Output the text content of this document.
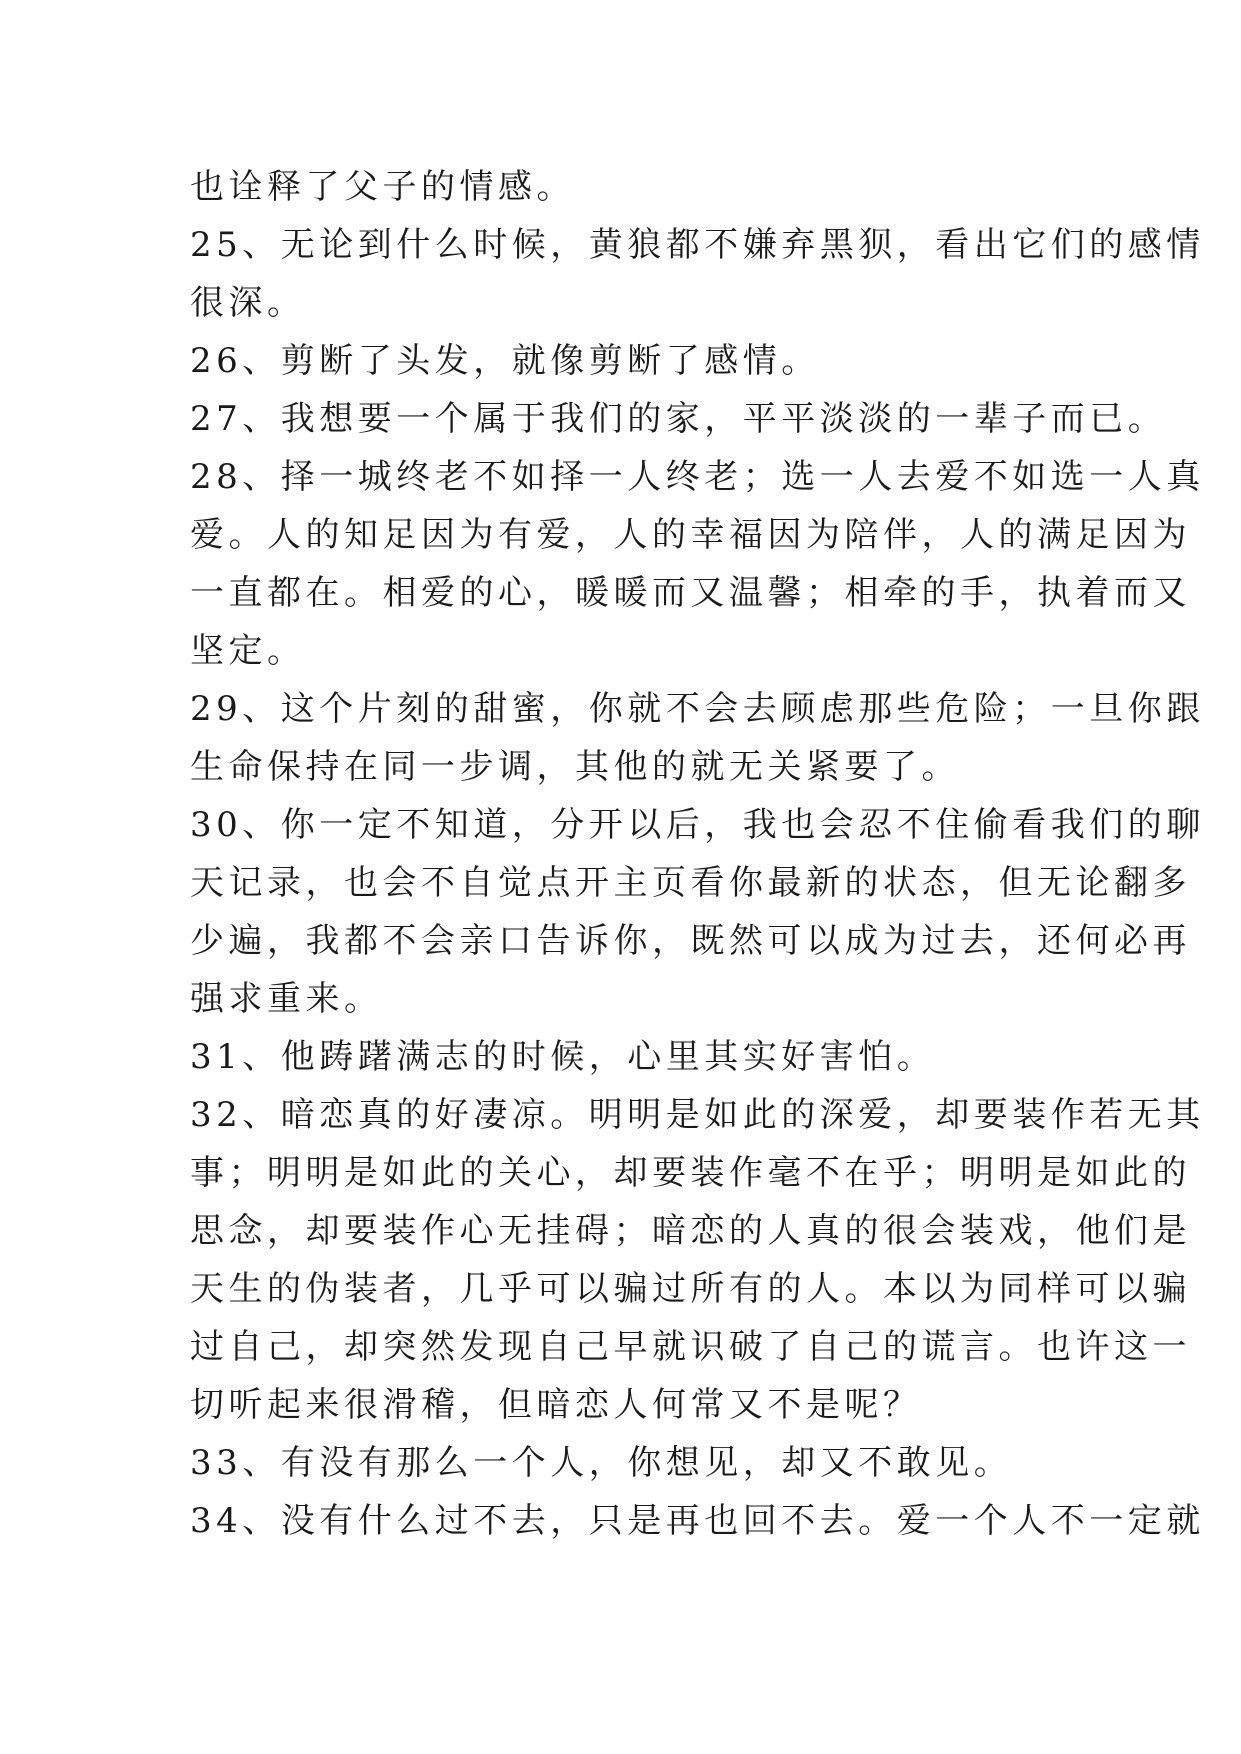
也诠释了父子的情感。
25、无论到什么时候，黄狼都不嫌弃黑狈，看出它们的感情
很深。
26、剪断了头发，就像剪断了感情。
27、我想要一个属于我们的家，平平淡淡的一辈子而已。
28、择一城终老不如择一人终老；选一人去爱不如选一人真
爱。人的知足因为有爱，人的幸福因为陪伴，人的满足因为
一直都在。相爱的心，暖暖而又温馨；相牵的手，执着而又
坚定。
29、这个片刻的甜蜜，你就不会去顾虑那些危险；一旦你跟
生命保持在同一步调，其他的就无关紧要了。
30、你一定不知道，分开以后，我也会忍不住偷看我们的聊
天记录，也会不自觉点开主页看你最新的状态，但无论翻多
少遍，我都不会亲口告诉你，既然可以成为过去，还何必再
强求重来。
31、他踌躇满志的时候，心里其实好害怕。
32、暗恋真的好凄凉。明明是如此的深爱，却要装作若无其
事；明明是如此的关心，却要装作毫不在乎；明明是如此的
思念，却要装作心无挂碍；暗恋的人真的很会装戏，他们是
天生的伪装者，几乎可以骗过所有的人。本以为同样可以骗
过自己，却突然发现自己早就识破了自己的谎言。也许这一
切听起来很滑稽，但暗恋人何常又不是呢？
33、有没有那么一个人，你想见，却又不敢见。
34、没有什么过不去，只是再也回不去。爱一个人不一定就
